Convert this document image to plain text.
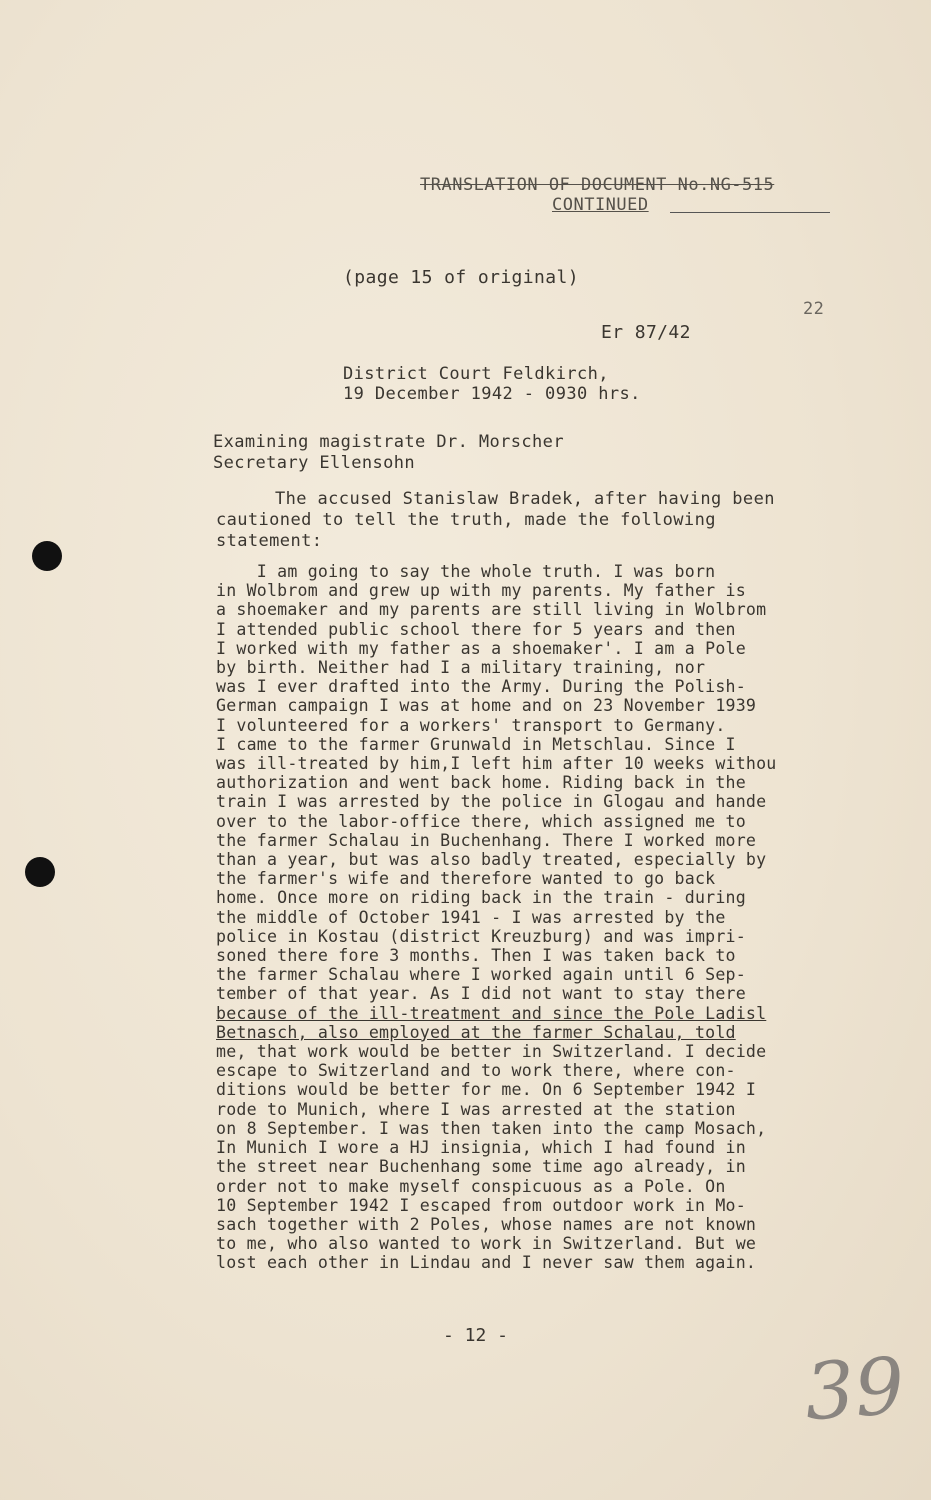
TRANSLATION OF DOCUMENT No.NG-515
CONTINUED
(page 15 of original)
22
Er 87/42
District Court Feldkirch,
19 December 1942 - 0930 hrs.
Examining magistrate Dr. Morscher
Secretary Ellensohn
The accused Stanislaw Bradek, after having been
cautioned to tell the truth, made the following
statement:
I am going to say the whole truth. I was born
in Wolbrom and grew up with my parents. My father is
a shoemaker and my parents are still living in Wolbrom
I attended public school there for 5 years and then
I worked with my father as a shoemaker'. I am a Pole
by birth. Neither had I a military training, nor
was I ever drafted into the Army. During the Polish-
German campaign I was at home and on 23 November 1939
I volunteered for a workers' transport to Germany.
I came to the farmer Grunwald in Metschlau. Since I
was ill-treated by him,I left him after 10 weeks withou
authorization and went back home. Riding back in the
train I was arrested by the police in Glogau and hande
over to the labor-office there, which assigned me to
the farmer Schalau in Buchenhang. There I worked more
than a year, but was also badly treated, especially by
the farmer's wife and therefore wanted to go back
home. Once more on riding back in the train - during
the middle of October 1941 - I was arrested by the
police in Kostau (district Kreuzburg) and was impri-
soned there fore 3 months. Then I was taken back to
the farmer Schalau where I worked again until 6 Sep-
tember of that year. As I did not want to stay there
because of the ill-treatment and since the Pole Ladisl
Betnasch, also employed at the farmer Schalau, told
me, that work would be better in Switzerland. I decide
escape to Switzerland and to work there, where con-
ditions would be better for me. On 6 September 1942 I
rode to Munich, where I was arrested at the station
on 8 September. I was then taken into the camp Mosach,
In Munich I wore a HJ insignia, which I had found in
the street near Buchenhang some time ago already, in
order not to make myself conspicuous as a Pole. On
10 September 1942 I escaped from outdoor work in Mo-
sach together with 2 Poles, whose names are not known
to me, who also wanted to work in Switzerland. But we
lost each other in Lindau and I never saw them again.
- 12 -
39
